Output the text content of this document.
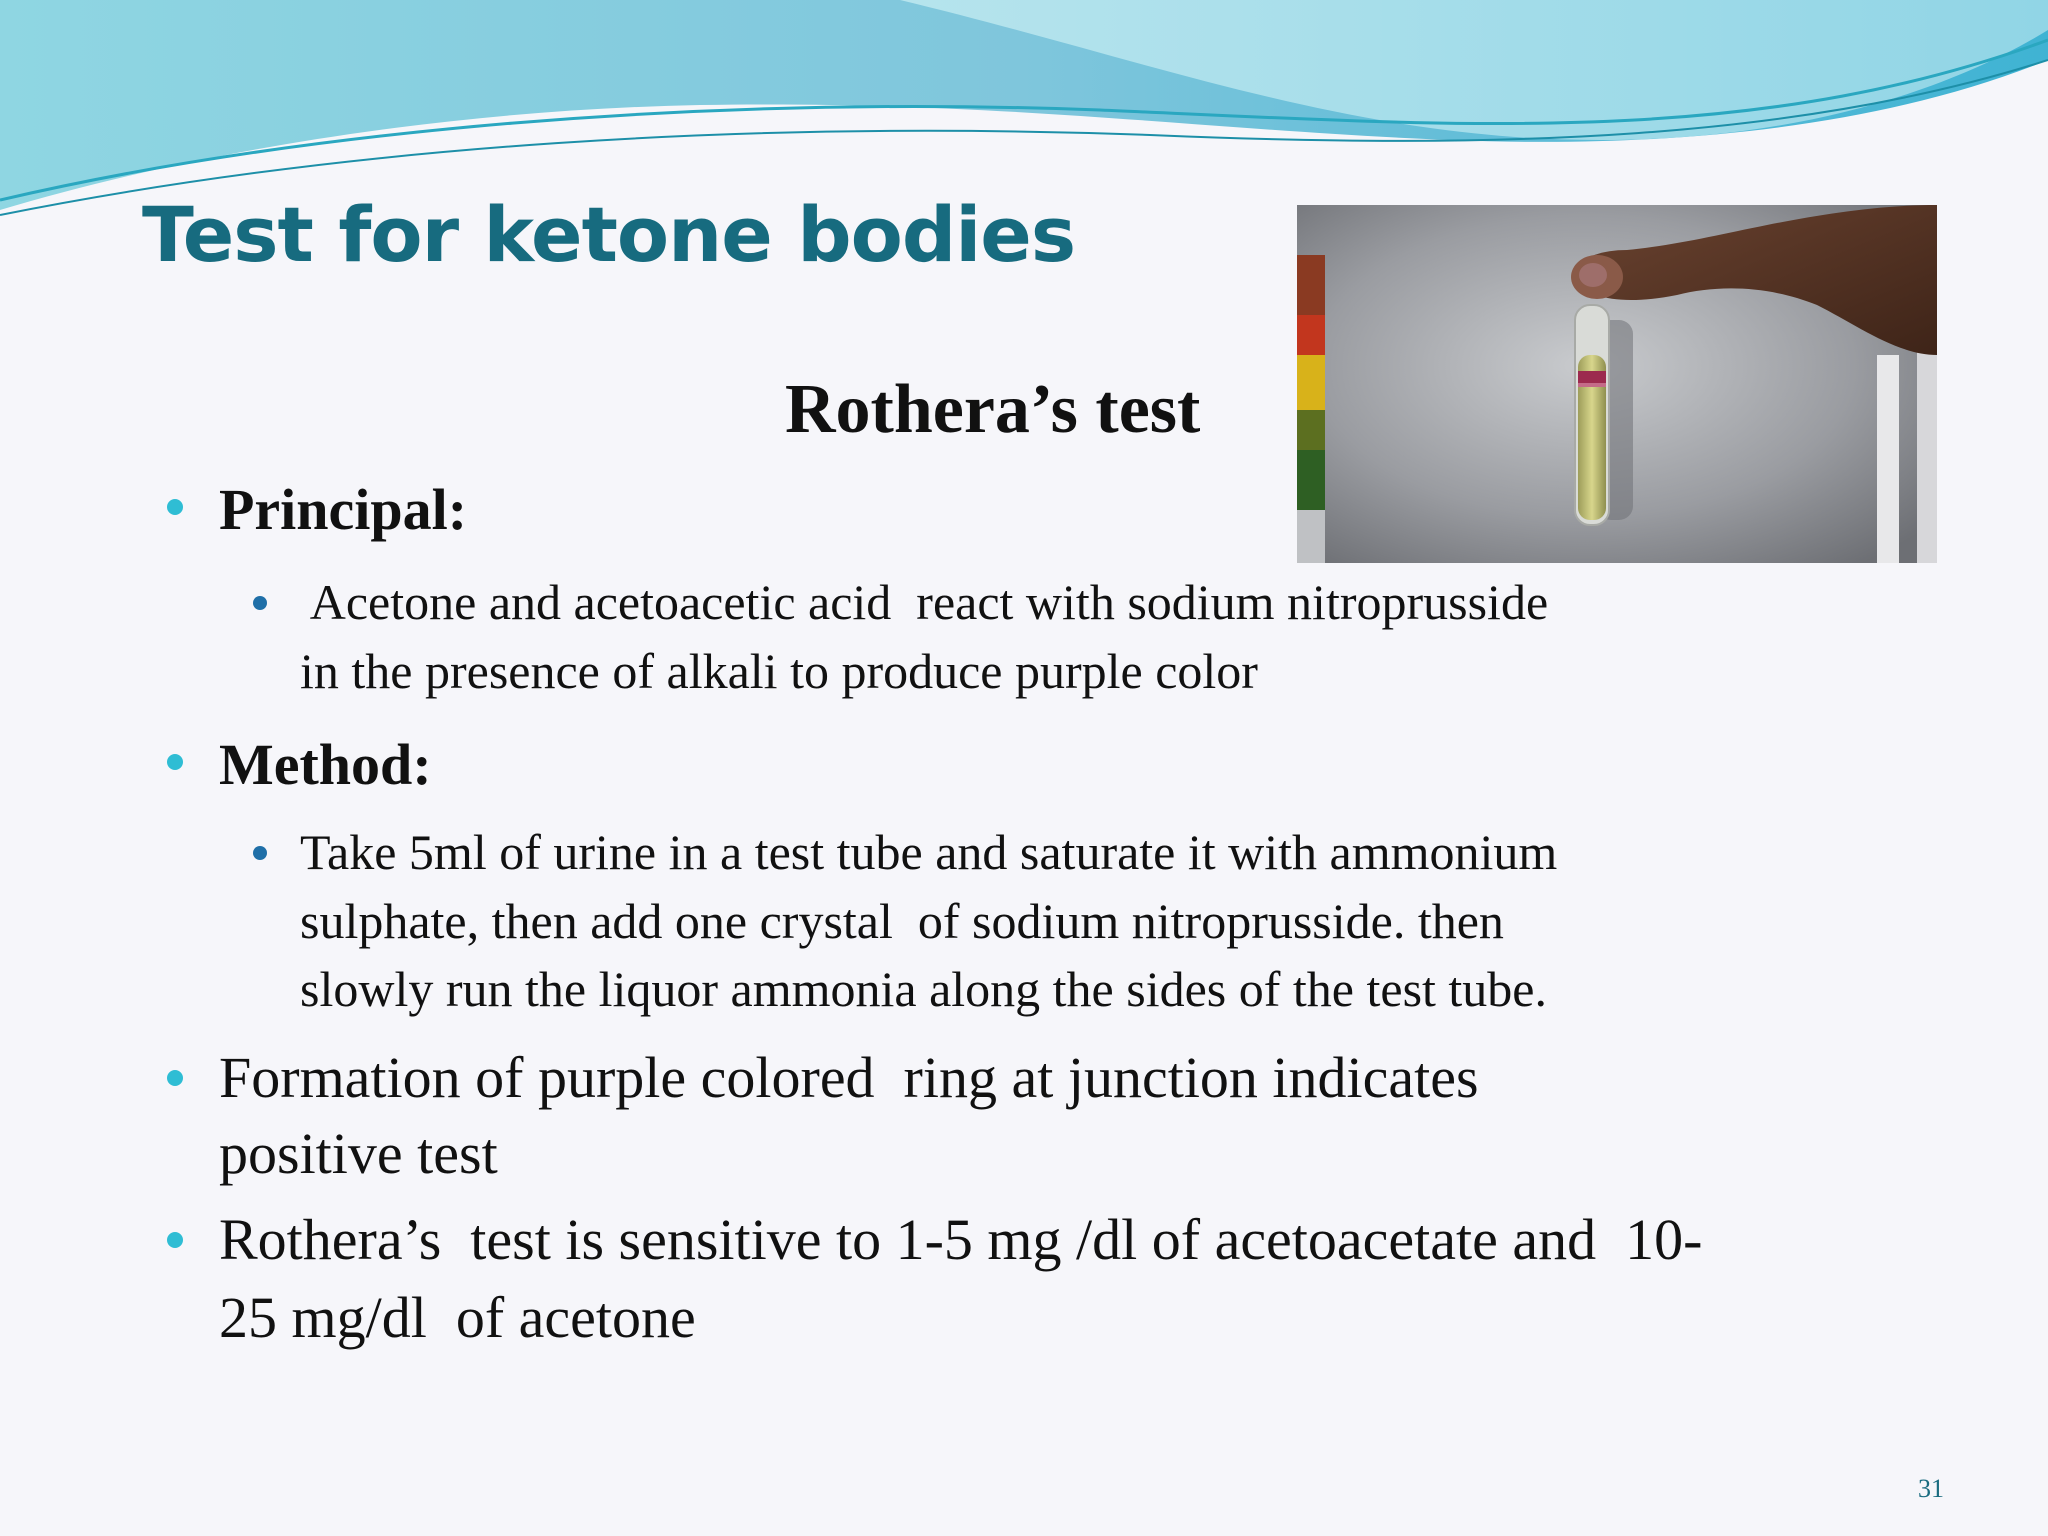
Test for ketone bodies
Rothera’s test
Principal:
Acetone and acetoacetic acid  react with sodium nitroprusside
in the presence of alkali to produce purple color
Method:
Take 5ml of urine in a test tube and saturate it with ammonium
sulphate, then add one crystal  of sodium nitroprusside. then
slowly run the liquor ammonia along the sides of the test tube.
Formation of purple colored  ring at junction indicates
positive test
Rothera’s  test is sensitive to 1-5 mg /dl of acetoacetate and  10-
25 mg/dl  of acetone
31
